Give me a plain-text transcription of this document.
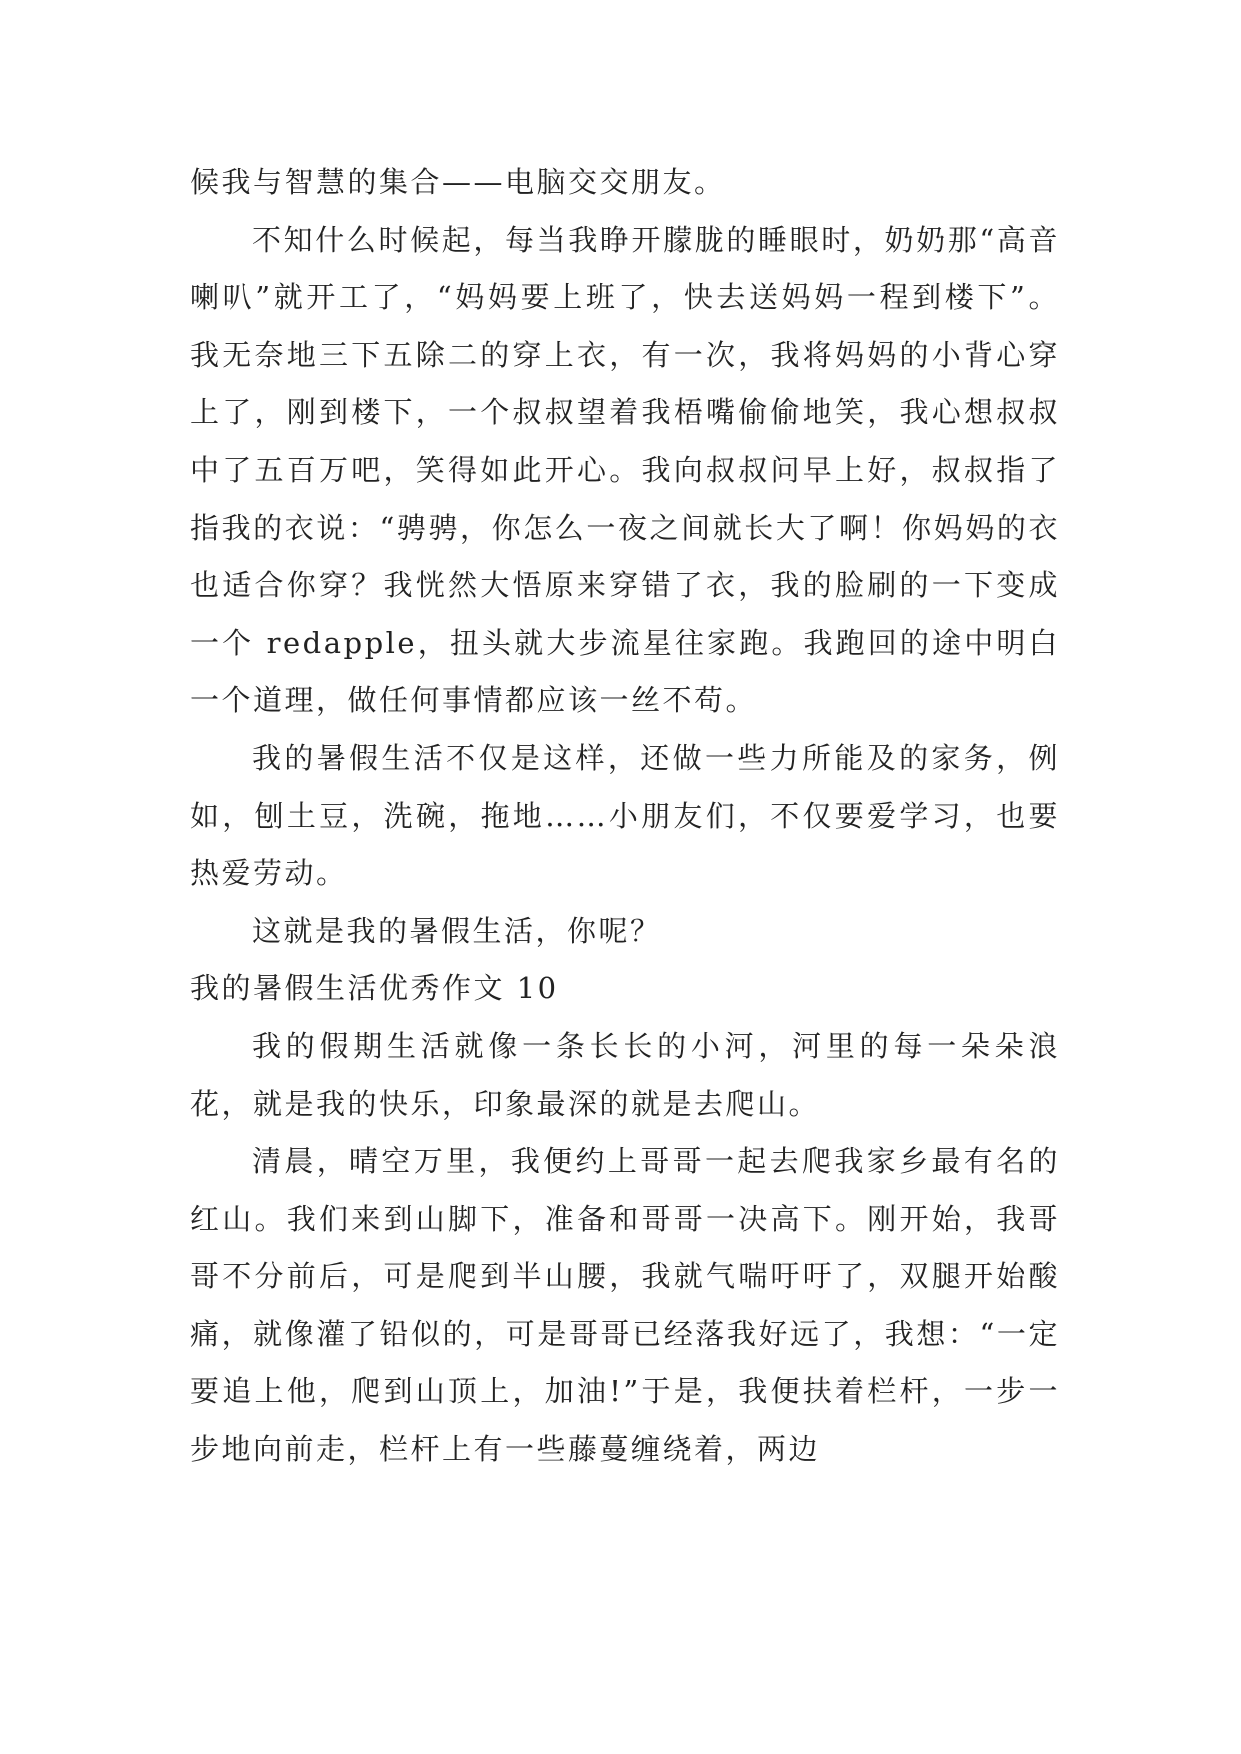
候我与智慧的集合——电脑交交朋友。

不知什么时候起，每当我睁开朦胧的睡眼时，奶奶那“高音喇叭”就开工了，“妈妈要上班了，快去送妈妈一程到楼下”。我无奈地三下五除二的穿上衣，有一次，我将妈妈的小背心穿上了，刚到楼下，一个叔叔望着我梧嘴偷偷地笑，我心想叔叔中了五百万吧，笑得如此开心。我向叔叔问早上好，叔叔指了指我的衣说：“骋骋，你怎么一夜之间就长大了啊！你妈妈的衣也适合你穿？我恍然大悟原来穿错了衣，我的脸刷的一下变成一个 redapple，扭头就大步流星往家跑。我跑回的途中明白一个道理，做任何事情都应该一丝不苟。

我的暑假生活不仅是这样，还做一些力所能及的家务，例如，刨土豆，洗碗，拖地……小朋友们，不仅要爱学习，也要热爱劳动。

这就是我的暑假生活，你呢？

我的暑假生活优秀作文 10

我的假期生活就像一条长长的小河，河里的每一朵朵浪花，就是我的快乐，印象最深的就是去爬山。

清晨，晴空万里，我便约上哥哥一起去爬我家乡最有名的红山。我们来到山脚下，准备和哥哥一决高下。刚开始，我哥哥不分前后，可是爬到半山腰，我就气喘吁吁了，双腿开始酸痛，就像灌了铅似的，可是哥哥已经落我好远了，我想：“一定要追上他，爬到山顶上，加油!”于是，我便扶着栏杆，一步一步地向前走，栏杆上有一些藤蔓缠绕着，两边
